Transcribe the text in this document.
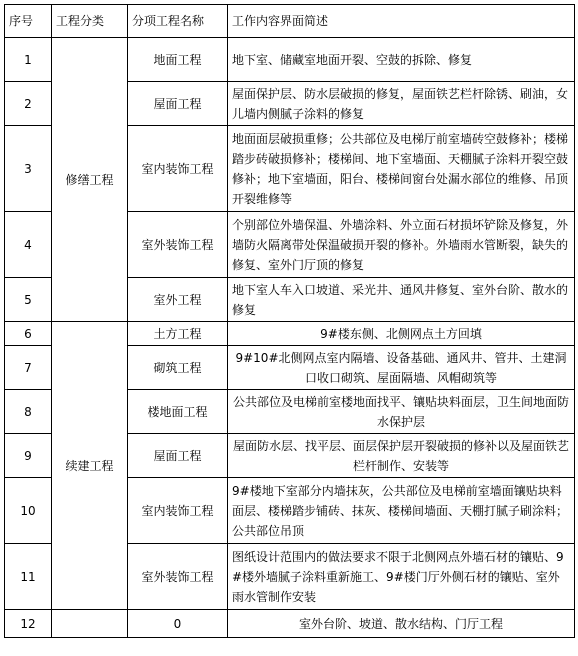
序号	工程分类	分项工程名称	工作内容界面简述
1	修缮工程	地面工程	地下室、储藏室地面开裂、空鼓的拆除、修复
2		屋面工程	屋面保护层、防水层破损的修复，屋面铁艺栏杆除锈、刷油，女儿墙内侧腻子涂料的修复
3		室内装饰工程	地面面层破损重修；公共部位及电梯厅前室墙砖空鼓修补；楼梯踏步砖破损修补；楼梯间、地下室墙面、天棚腻子涂料开裂空鼓修补；地下室墙面，阳台、楼梯间窗台处漏水部位的维修、吊顶开裂维修等
4		室外装饰工程	个别部位外墙保温、外墙涂料、外立面石材损坏铲除及修复，外墙防火隔离带处保温破损开裂的修补。外墙雨水管断裂，缺失的修复、室外门厅顶的修复
5		室外工程	地下室人车入口坡道、采光井、通风井修复、室外台阶、散水的修复
6	续建工程	土方工程	9#楼东侧、北侧网点土方回填
7		砌筑工程	9#10#北侧网点室内隔墙、设备基础、通风井、管井、土建洞口收口砌筑、屋面隔墙、风帽砌筑等
8		楼地面工程	公共部位及电梯前室楼地面找平、镶贴块料面层，卫生间地面防水保护层
9		屋面工程	屋面防水层、找平层、面层保护层开裂破损的修补以及屋面铁艺栏杆制作、安装等
10		室内装饰工程	9#楼地下室部分内墙抹灰，公共部位及电梯前室墙面镶贴块料面层、楼梯踏步铺砖、抹灰、楼梯间墙面、天棚打腻子刷涂料；公共部位吊顶
11		室外装饰工程	图纸设计范围内的做法要求不限于北侧网点外墙石材的镶贴、9#楼外墙腻子涂料重新施工、9#楼门厅外侧石材的镶贴、室外雨水管制作安装
12		0	室外台阶、坡道、散水结构、门厅工程
